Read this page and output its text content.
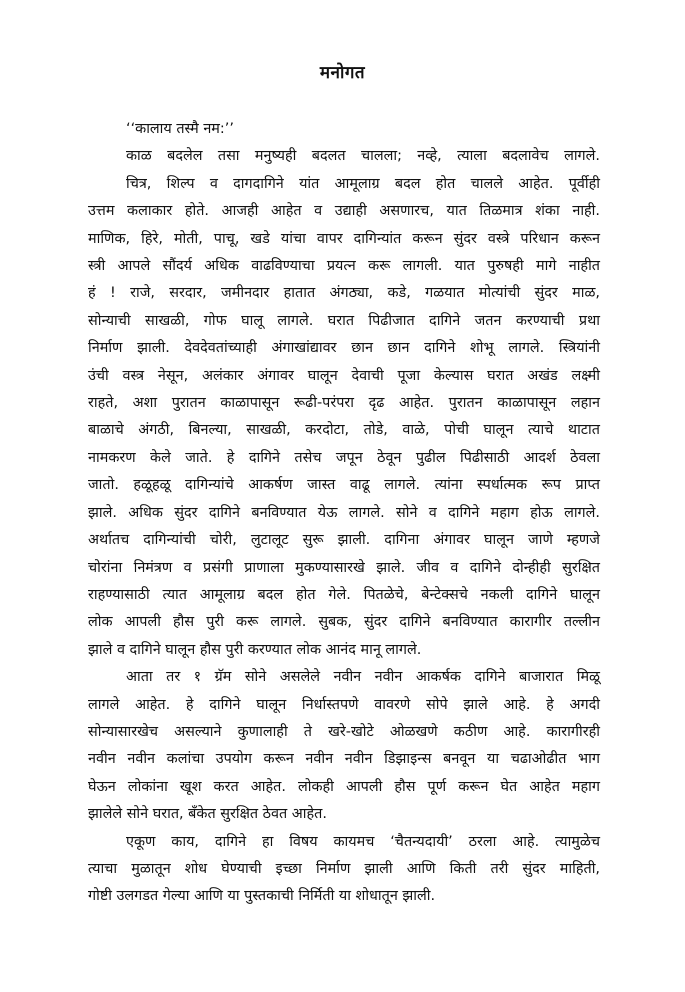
मनोगत
‘‘कालाय तस्मै नम:’’
काळ बदलेल तसा मनुष्यही बदलत चालला; नव्हे, त्याला बदलावेच लागले.
चित्र, शिल्प व दागदागिने यांत आमूलाग्र बदल होत चालले आहेत. पूर्वीही
उत्तम कलाकार होते. आजही आहेत व उद्याही असणारच, यात तिळमात्र शंका नाही.
माणिक, हिरे, मोती, पाचू, खडे यांचा वापर दागिन्यांत करून सुंदर वस्त्रे परिधान करून
स्त्री आपले सौंदर्य अधिक वाढविण्याचा प्रयत्न करू लागली. यात पुरुषही मागे नाहीत
हं ! राजे, सरदार, जमीनदार हातात अंगठ्या, कडे, गळयात मोत्यांची सुंदर माळ,
सोन्याची साखळी, गोफ घालू लागले. घरात पिढीजात दागिने जतन करण्याची प्रथा
निर्माण झाली. देवदेवतांच्याही अंगाखांद्यावर छान छान दागिने शोभू लागले. स्त्रियांनी
उंची वस्त्र नेसून, अलंकार अंगावर घालून देवाची पूजा केल्यास घरात अखंड लक्ष्मी
राहते, अशा पुरातन काळापासून रूढी-परंपरा दृढ आहेत. पुरातन काळापासून लहान
बाळाचे अंगठी, बिनल्या, साखळी, करदोटा, तोडे, वाळे, पोची घालून त्याचे थाटात
नामकरण केले जाते. हे दागिने तसेच जपून ठेवून पुढील पिढीसाठी आदर्श ठेवला
जातो. हळूहळू दागिन्यांचे आकर्षण जास्त वाढू लागले. त्यांना स्पर्धात्मक रूप प्राप्त
झाले. अधिक सुंदर दागिने बनविण्यात येऊ लागले. सोने व दागिने महाग होऊ लागले.
अर्थातच दागिन्यांची चोरी, लुटालूट सुरू झाली. दागिना अंगावर घालून जाणे म्हणजे
चोरांना निमंत्रण व प्रसंगी प्राणाला मुकण्यासारखे झाले. जीव व दागिने दोन्हीही सुरक्षित
राहण्यासाठी त्यात आमूलाग्र बदल होत गेले. पितळेचे, बेन्टेक्सचे नकली दागिने घालून
लोक आपली हौस पुरी करू लागले. सुबक, सुंदर दागिने बनविण्यात कारागीर तल्लीन
झाले व दागिने घालून हौस पुरी करण्यात लोक आनंद मानू लागले.
आता तर १ ग्रॅम सोने असलेले नवीन नवीन आकर्षक दागिने बाजारात मिळू
लागले आहेत. हे दागिने घालून निर्धास्तपणे वावरणे सोपे झाले आहे. हे अगदी
सोन्यासारखेच असल्याने कुणालाही ते खरे-खोटे ओळखणे कठीण आहे. कारागीरही
नवीन नवीन कलांचा उपयोग करून नवीन नवीन डिझाइन्स बनवून या चढाओढीत भाग
घेऊन लोकांना खूश करत आहेत. लोकही आपली हौस पूर्ण करून घेत आहेत महाग
झालेले सोने घरात, बँकेत सुरक्षित ठेवत आहेत.
एकूण काय, दागिने हा विषय कायमच ‘चैतन्यदायी’ ठरला आहे. त्यामुळेच
त्याचा मुळातून शोध घेण्याची इच्छा निर्माण झाली आणि किती तरी सुंदर माहिती,
गोष्टी उलगडत गेल्या आणि या पुस्तकाची निर्मिती या शोधातून झाली.
